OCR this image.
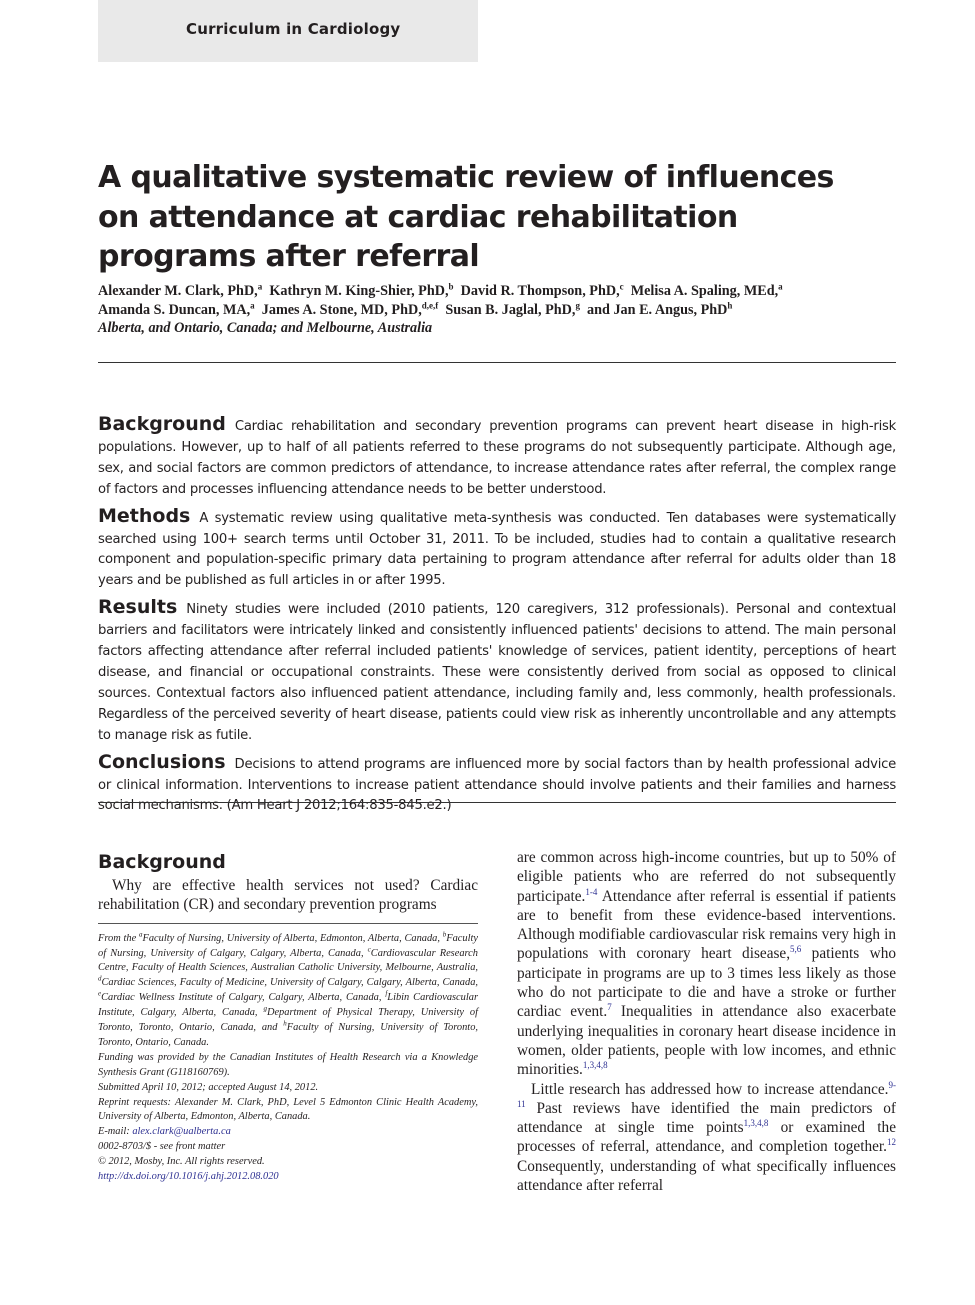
Curriculum in Cardiology
A qualitative systematic review of influences on attendance at cardiac rehabilitation programs after referral
Alexander M. Clark, PhD,$^a$ Kathryn M. King-Shier, PhD,$^b$ David R. Thompson, PhD,$^c$ Melisa A. Spaling, MEd,$^a$
Amanda S. Duncan, MA,$^a$ James A. Stone, MD, PhD,$^{d,e,f}$ Susan B. Jaglal, PhD,$^g$ and Jan E. Angus, PhD$^h$
Alberta, and Ontario, Canada; and Melbourne, Australia

Background Cardiac rehabilitation and secondary prevention programs can prevent heart disease in high-risk populations. However, up to half of all patients referred to these programs do not subsequently participate. Although age, sex, and social factors are common predictors of attendance, to increase attendance rates after referral, the complex range of factors and processes influencing attendance needs to be better understood.

Methods A systematic review using qualitative meta-synthesis was conducted. Ten databases were systematically searched using 100+ search terms until October 31, 2011. To be included, studies had to contain a qualitative research component and population-specific primary data pertaining to program attendance after referral for adults older than 18 years and be published as full articles in or after 1995.

Results Ninety studies were included (2010 patients, 120 caregivers, 312 professionals). Personal and contextual barriers and facilitators were intricately linked and consistently influenced patients' decisions to attend. The main personal factors affecting attendance after referral included patients' knowledge of services, patient identity, perceptions of heart disease, and financial or occupational constraints. These were consistently derived from social as opposed to clinical sources. Contextual factors also influenced patient attendance, including family and, less commonly, health professionals. Regardless of the perceived severity of heart disease, patients could view risk as inherently uncontrollable and any attempts to manage risk as futile.

Conclusions Decisions to attend programs are influenced more by social factors than by health professional advice or clinical information. Interventions to increase patient attendance should involve patients and their families and harness social mechanisms. (Am Heart J 2012;164:835-845.e2.)

Background

Why are effective health services not used? Cardiac rehabilitation (CR) and secondary prevention programs

From the $^a$Faculty of Nursing, University of Alberta, Edmonton, Alberta, Canada, $^b$Faculty of Nursing, University of Calgary, Calgary, Alberta, Canada, $^c$Cardiovascular Research Centre, Faculty of Health Sciences, Australian Catholic University, Melbourne, Australia, $^d$Cardiac Sciences, Faculty of Medicine, University of Calgary, Calgary, Alberta, Canada, $^e$Cardiac Wellness Institute of Calgary, Calgary, Alberta, Canada, $^f$Libin Cardiovascular Institute, Calgary, Alberta, Canada, $^g$Department of Physical Therapy, University of Toronto, Toronto, Ontario, Canada, and $^h$Faculty of Nursing, University of Toronto, Toronto, Ontario, Canada.

Funding was provided by the Canadian Institutes of Health Research via a Knowledge Synthesis Grant (G118160769).

Submitted April 10, 2012; accepted August 14, 2012.

Reprint requests: Alexander M. Clark, PhD, Level 5 Edmonton Clinic Health Academy, University of Alberta, Edmonton, Alberta, Canada.

E-mail: alex.clark@ualberta.ca

0002-8703/$ - see front matter

© 2012, Mosby, Inc. All rights reserved.

http://dx.doi.org/10.1016/j.ahj.2012.08.020

are common across high-income countries, but up to 50% of eligible patients who are referred do not subsequently participate.$^{1-4}$ Attendance after referral is essential if patients are to benefit from these evidence-based interventions. Although modifiable cardiovascular risk remains very high in populations with coronary heart disease,$^{5,6}$ patients who participate in programs are up to 3 times less likely as those who do not participate to die and have a stroke or further cardiac event.$^7$ Inequalities in attendance also exacerbate underlying inequalities in coronary heart disease incidence in women, older patients, people with low incomes, and ethnic minorities.$^{1,3,4,8}$

Little research has addressed how to increase attendance.$^{9-11}$ Past reviews have identified the main predictors of attendance at single time points$^{1,3,4,8}$ or examined the processes of referral, attendance, and completion together.$^{12}$ Consequently, understanding of what specifically influences attendance after referral
